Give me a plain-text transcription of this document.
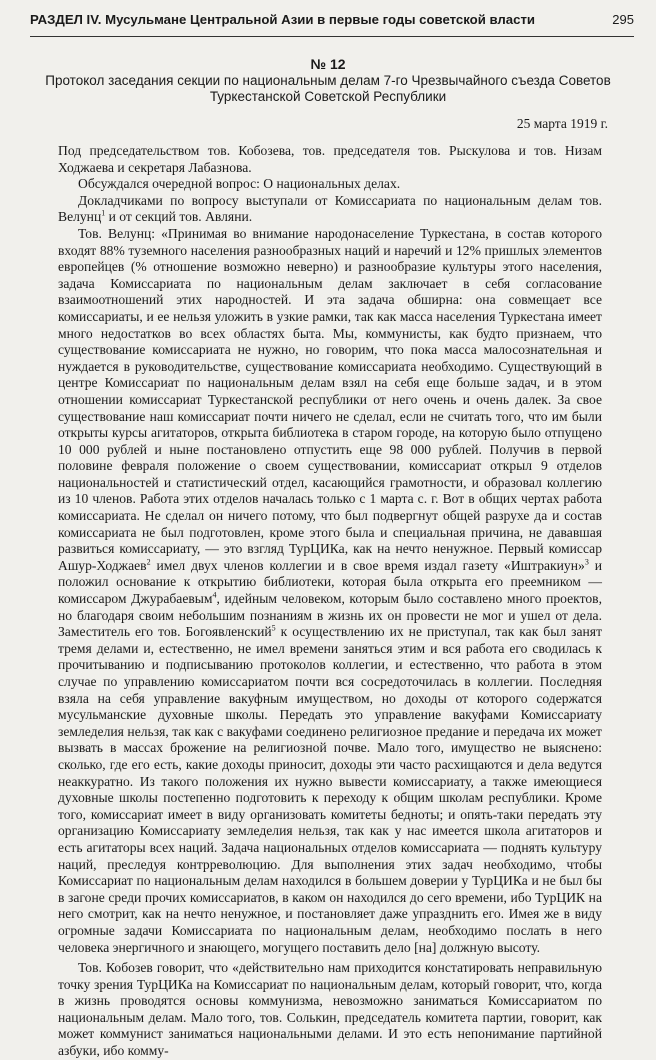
РАЗДЕЛ IV. Мусульмане Центральной Азии в первые годы советской власти	295
№ 12
Протокол заседания секции по национальным делам 7-го Чрезвычайного съезда Советов Туркестанской Советской Республики
25 марта 1919 г.

Под председательством тов. Кобозева, тов. председателя тов. Рыскулова и тов. Низам Ходжаева и секретаря Лабазнова.

Обсуждался очередной вопрос: О национальных делах.

Докладчиками по вопросу выступали от Комиссариата по национальным делам тов. Велунц$^1$ и от секций тов. Авляни.

Тов. Велунц: «Принимая во внимание народонаселение Туркестана, в состав которого входят 88% туземного населения разнообразных наций и наречий и 12% пришлых элементов европейцев (% отношение возможно неверно) и разнообразие культуры этого населения, задача Комиссариата по национальным делам заключает в себя согласование взаимоотношений этих народностей. И эта задача обширна: она совмещает все комиссариаты, и ее нельзя уложить в узкие рамки, так как масса населения Туркестана имеет много недостатков во всех областях быта. Мы, коммунисты, как будто признаем, что существование комиссариата не нужно, но говорим, что пока масса малосознательная и нуждается в руководительстве, существование комиссариата необходимо. Существующий в центре Комиссариат по национальным делам взял на себя еще больше задач, и в этом отношении комиссариат Туркестанской республики от него очень и очень далек. За свое существование наш комиссариат почти ничего не сделал, если не считать того, что им были открыты курсы агитаторов, открыта библиотека в старом городе, на которую было отпущено 10 000 рублей и ныне постановлено отпустить еще 98 000 рублей. Получив в первой половине февраля положение о своем существовании, комиссариат открыл 9 отделов национальностей и статистический отдел, касающийся грамотности, и образовал коллегию из 10 членов. Работа этих отделов началась только с 1 марта с. г. Вот в общих чертах работа комиссариата. Не сделал он ничего потому, что был подвергнут общей разрухе да и состав комиссариата не был подготовлен, кроме этого была и специальная причина, не дававшая развиться комиссариату, — это взгляд ТурЦИКа, как на нечто ненужное. Первый комиссар Ашур-Ходжаев$^2$ имел двух членов коллегии и в свое время издал газету «Иштракиун»$^3$ и положил основание к открытию библиотеки, которая была открыта его преемником — комиссаром Джурабаевым$^4$, идейным человеком, которым было составлено много проектов, но благодаря своим небольшим познаниям в жизнь их он провести не мог и ушел от дела. Заместитель его тов. Богоявленский$^5$ к осуществлению их не приступал, так как был занят тремя делами и, естественно, не имел времени заняться этим и вся работа его сводилась к прочитыванию и подписыванию протоколов коллегии, и естественно, что работа в этом случае по управлению комиссариатом почти вся сосредоточилась в коллегии. Последняя взяла на себя управление вакуфным имуществом, но доходы от которого содержатся мусульманские духовные школы. Передать это управление вакуфами Комиссариату земледелия нельзя, так как с вакуфами соединено религиозное предание и передача их может вызвать в массах брожение на религиозной почве. Мало того, имущество не выяснено: сколько, где его есть, какие доходы приносит, доходы эти часто расхищаются и дела ведутся неаккуратно. Из такого положения их нужно вывести комиссариату, а также имеющиеся духовные школы постепенно подготовить к переходу к общим школам республики. Кроме того, комиссариат имеет в виду организовать комитеты бедноты; и опять-таки передать эту организацию Комиссариату земледелия нельзя, так как у нас имеется школа агитаторов и есть агитаторы всех наций. Задача национальных отделов комиссариата — поднять культуру наций, преследуя контрреволюцию. Для выполнения этих задач необходимо, чтобы Комиссариат по национальным делам находился в большем доверии у ТурЦИКа и не был бы в загоне среди прочих комиссариатов, в каком он находился до сего времени, ибо ТурЦИК на него смотрит, как на нечто ненужное, и постановляет даже упразднить его. Имея же в виду огромные задачи Комиссариата по национальным делам, необходимо послать в него человека энергичного и знающего, могущего поставить дело [на] должную высоту.

Тов. Кобозев говорит, что «действительно нам приходится констатировать неправильную точку зрения ТурЦИКа на Комиссариат по национальным делам, который говорит, что, когда в жизнь проводятся основы коммунизма, невозможно заниматься Комиссариатом по национальным делам. Мало того, тов. Солькин, председатель комитета партии, говорит, как может коммунист заниматься национальными делами. И это есть непонимание партийной азбуки, ибо комму-
